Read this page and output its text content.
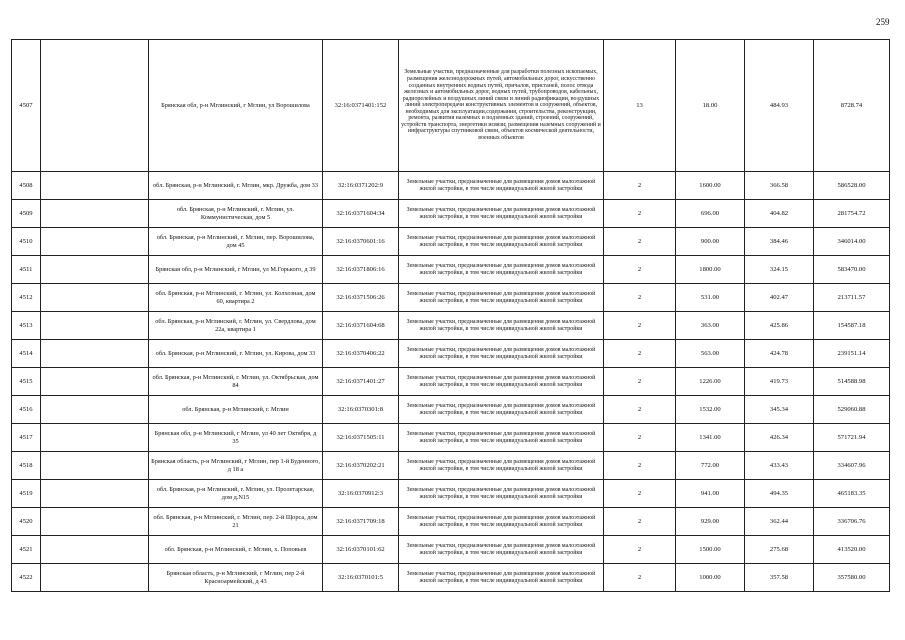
259
4507		Брянская обл, р-н Мглинский, г Мглин, ул Ворошилова	32:16:0371401:152	Земельные участки, предназначенные для разработки полезных ископаемых, размещения железнодорожных путей, автомобильных дорог, искусственно созданных внутренних водных путей, причалов, пристаней, полос отвода железных и автомобильных дорог, водных путей, трубопроводов, кабельных, радиорелейных и воздушных линий связи и линий радиофикации, воздушных линий электропередачи конструктивных элементов и сооружений, объектов, необходимых для эксплуатации,содержания, строительства, реконструкции, ремонта, развития наземных и подземных зданий, строений, сооружений, устройств транспорта, энергетики исвязи; размещения наземных сооружений и инфраструктуры спутниковой связи, объектов космической деятельности, военных объектов	13	18.00	484.93	8728.74
4508		обл. Брянская, р-н Мглинский, г. Мглин, мкр. Дружба, дом 33	32:16:0371202:9	Земельные участки, предназначенные для размещения домов малоэтажной жилой застройки, в том числе индивидуальной жилой застройки	2	1600.00	366.58	586528.00
4509		обл. Брянская, р-н Мглинский, г. Мглин, ул. Коммунистическая, дом 5	32:16:0371604:34	Земельные участки, предназначенные для размещения домов малоэтажной жилой застройки, в том числе индивидуальной жилой застройки	2	696.00	404.82	281754.72
4510		обл. Брянская, р-н Мглинский, г. Мглин, пер. Ворошилова, дом 45	32:16:0370601:16	Земельные участки, предназначенные для размещения домов малоэтажной жилой застройки, в том числе индивидуальной жилой застройки	2	900.00	384.46	346014.00
4511		Брянская обл, р-н Мглинский, г Мглин, ул М.Горького, д 39	32:16:0371806:16	Земельные участки, предназначенные для размещения домов малоэтажной жилой застройки, в том числе индивидуальной жилой застройки	2	1800.00	324.15	583470.00
4512		обл. Брянская, р-н Мглинский, г. Мглин, ул. Колхозная, дом 60, квартира 2	32:16:0371506:26	Земельные участки, предназначенные для размещения домов малоэтажной жилой застройки, в том числе индивидуальной жилой застройки	2	531.00	402.47	213711.57
4513		обл. Брянская, р-н Мглинский, г. Мглин, ул. Свердлова, дом 22а, квартира 1	32:16:0371604:68	Земельные участки, предназначенные для размещения домов малоэтажной жилой застройки, в том числе индивидуальной жилой застройки	2	363.00	425.86	154587.18
4514		обл. Брянская, р-н Мглинский, г. Мглин, ул. Кирова, дом 33	32:16:0370406:22	Земельные участки, предназначенные для размещения домов малоэтажной жилой застройки, в том числе индивидуальной жилой застройки	2	563.00	424.78	239151.14
4515		обл. Брянская, р-н Мглинский, г. Мглин, ул. Октябрьская, дом 84	32:16:0371401:27	Земельные участки, предназначенные для размещения домов малоэтажной жилой застройки, в том числе индивидуальной жилой застройки	2	1226.00	419.73	514588.98
4516		обл. Брянская, р-н Мглинский, г. Мглин	32:16:0370301:8	Земельные участки, предназначенные для размещения домов малоэтажной жилой застройки, в том числе индивидуальной жилой застройки	2	1532.00	345.34	529060.88
4517		Брянская обл, р-н Мглинский, г Мглин, ул 40 лет Октября, д 35	32:16:0371505:11	Земельные участки, предназначенные для размещения домов малоэтажной жилой застройки, в том числе индивидуальной жилой застройки	2	1341.00	426.34	571721.94
4518		Брянская область, р-н Мглинский, г Мглин, пер 1-й Буденного, д 18 а	32:16:0370202:21	Земельные участки, предназначенные для размещения домов малоэтажной жилой застройки, в том числе индивидуальной жилой застройки	2	772.00	433.43	334607.96
4519		обл. Брянская, р-н Мглинский, г. Мглин, ул. Пролетарская, дом д.N15	32:16:0370912:3	Земельные участки, предназначенные для размещения домов малоэтажной жилой застройки, в том числе индивидуальной жилой застройки	2	941.00	494.35	465183.35
4520		обл. Брянская, р-н Мглинский, г. Мглин, пер. 2-й Щорса, дом 21	32:16:0371709:18	Земельные участки, предназначенные для размещения домов малоэтажной жилой застройки, в том числе индивидуальной жилой застройки	2	929.00	362.44	336706.76
4521		обл. Брянская, р-н Мглинский, г. Мглин, х. Поповьев	32:16:0370101:62	Земельные участки, предназначенные для размещения домов малоэтажной жилой застройки, в том числе индивидуальной жилой застройки	2	1500.00	275.68	413520.00
4522		Брянская область, р-н Мглинский, г Мглин, пер 2-й Красноармейский, д 43	32:16:0370101:5	Земельные участки, предназначенные для размещения домов малоэтажной жилой застройки, в том числе индивидуальной жилой застройки	2	1000.00	357.58	357580.00
